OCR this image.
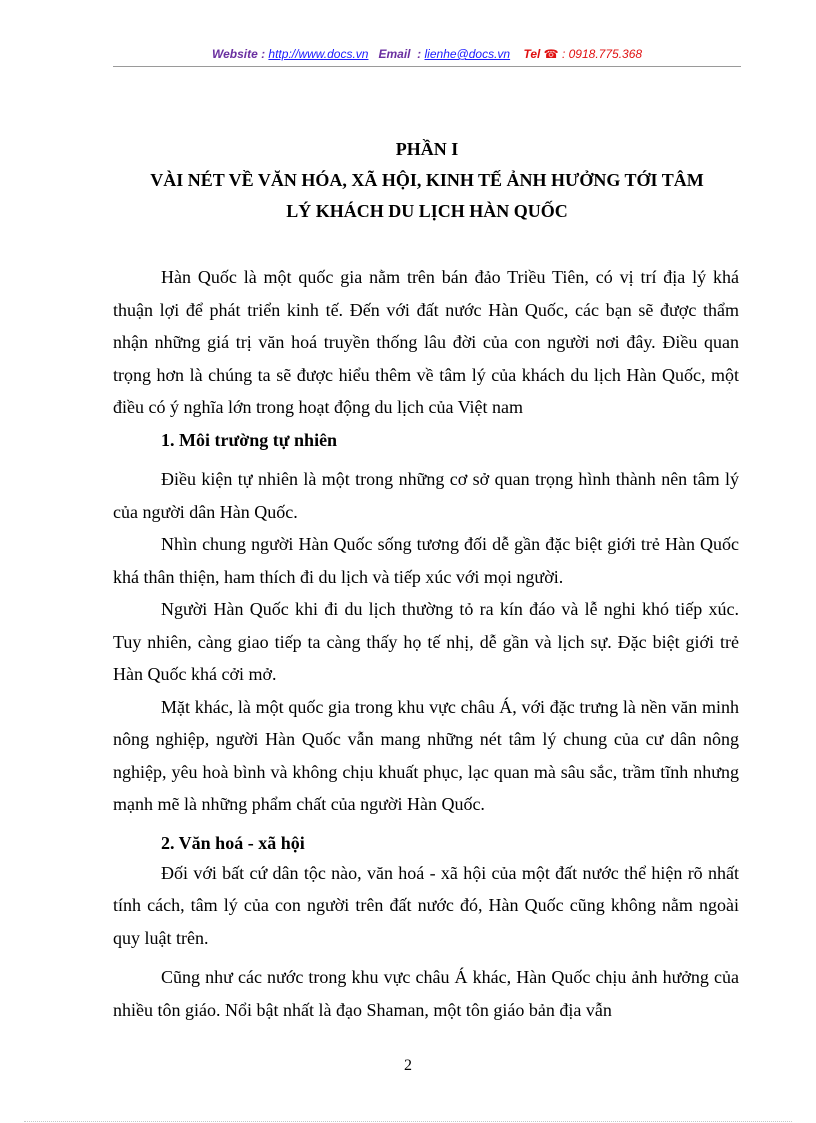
Website : http://www.docs.vn Email : lienhe@docs.vn Tel ☎ : 0918.775.368
PHẦN I
VÀI NÉT VỀ VĂN HÓA, XÃ HỘI, KINH TẾ ẢNH HƯỞNG TỚI TÂM
LÝ KHÁCH DU LỊCH HÀN QUỐC

Hàn Quốc là một quốc gia nằm trên bán đảo Triều Tiên, có vị trí địa lý khá thuận lợi để phát triển kinh tế. Đến với đất nước Hàn Quốc, các bạn sẽ được thẩm nhận những giá trị văn hoá truyền thống lâu đời của con người nơi đây. Điều quan trọng hơn là chúng ta sẽ được hiểu thêm về tâm lý của khách du lịch Hàn Quốc, một điều có ý nghĩa lớn trong hoạt động du lịch của Việt nam

1. Môi trường tự nhiên

Điều kiện tự nhiên là một trong những cơ sở quan trọng hình thành nên tâm lý của người dân Hàn Quốc.

Nhìn chung người Hàn Quốc sống tương đối dễ gần đặc biệt giới trẻ Hàn Quốc khá thân thiện, ham thích đi du lịch và tiếp xúc với mọi người.

Người Hàn Quốc khi đi du lịch thường tỏ ra kín đáo và lễ nghi khó tiếp xúc. Tuy nhiên, càng giao tiếp ta càng thấy họ tế nhị, dễ gần và lịch sự. Đặc biệt giới trẻ Hàn Quốc khá cởi mở.

Mặt khác, là một quốc gia trong khu vực châu Á, với đặc trưng là nền văn minh nông nghiệp, người Hàn Quốc vẫn mang những nét tâm lý chung của cư dân nông nghiệp, yêu hoà bình và không chịu khuất phục, lạc quan mà sâu sắc, trầm tĩnh nhưng mạnh mẽ là những phẩm chất của người Hàn Quốc.

2. Văn hoá - xã hội

Đối với bất cứ dân tộc nào, văn hoá - xã hội của một đất nước thể hiện rõ nhất tính cách, tâm lý của con người trên đất nước đó, Hàn Quốc cũng không nằm ngoài quy luật trên.

Cũng như các nước trong khu vực châu Á khác, Hàn Quốc chịu ảnh hưởng của nhiều tôn giáo. Nổi bật nhất là đạo Shaman, một tôn giáo bản địa vẫn

2
